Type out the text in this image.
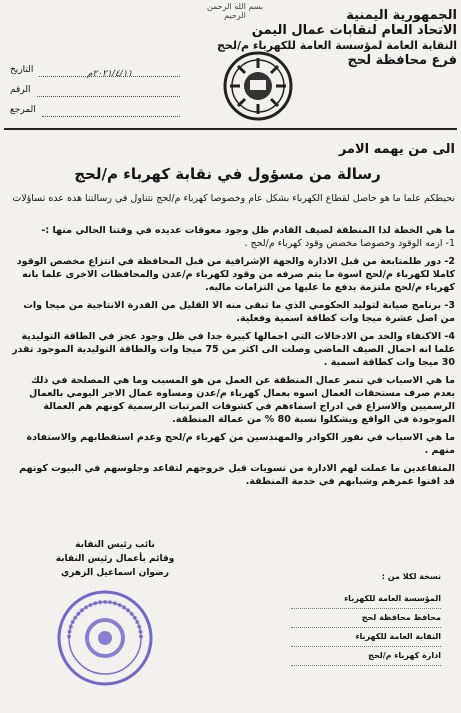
بسم الله الرحمن الرحيم	الجمهورية اليمنية
الاتحاد العام لنقابات عمال اليمن
النقابة العامة لمؤسسة العامة للكهرباء م/لحج
فرع محافظة لحج
التاريخ	٢٠٢١/٤/١١م
الرقم
المرجع
الى من يهمه الامر
رسالة من مسؤول في نقابة كهرباء م/لحج
نحيطكم علما ما هو حاصل لقطاع الكهرباء بشكل عام وخصوصا كهرباء م/لحج نتناول في رسالتنا هذه عده تساؤلات
ما هي الخطة لذا المنطقة لصيف القادم ظل وجود معوقات عديده في وقتنا الحالي منها :-
1- ازمه الوقود وخصوصا مخصص وقود كهرباء م/لحج .
2- دور طلمتابعة من قبل الادارة والجهة الإشرافية من قبل المحافظة في انتزاع مخصص الوقود كاملا لكهرباء م/لحج اسوة ما يتم صرفه من وقود لكهرباء م/عدن والمحافظات الاخرى علما بانه كهرباء م/لحج ملتزمة بدفع ما عليها من التزامات ماليه.
3- برنامج صيانة لتوليد الحكومي الذي ما تبقى منه الا القليل من القدرة الانتاجية من ميجا وات من اصل عشرة ميجا وات كطاقة اسمية وفعلية.
4- الاكتفاء والحد من الادخالات التي احمالها كبيرة جدا في ظل وجود عجز في الطاقة التوليدية علما انه احمال الصيف الماضي وصلت الى اكثر من 75 ميجا وات والطاقة التوليدية الموجود تقدر 30 ميجا وات كطاقة اسمية .
ما هي الاسباب في تنمر عمال المنطقة عن العمل من هو المسبب وما هي المصلحة في ذلك بعدم صرف مستحقات العمال اسوه بعمال كهرباء م/عدن ومساوه عمال الاجر اليومي بالعمال الرسميين والاسراع في ادراج اسماءهم في كشوفات المرتبات الرسمية كونهم هم العمالة الموجودة في الواقع ويشكلوا نسبة 80 % من عمالة المنطقة.
ما هي الاسباب في نفور الكوادر والمهندسين من كهرباء م/لحج وعدم استقطابهم والاستفادة منهم .
المتقاعدين ما عملت لهم الادارة من تسويات قبل خروجهم لتقاعد وجلوسهم في البيوت كونهم قد افنوا عمرهم وشبابهم في خدمة المنطقة.
نائب رئيس النقابة
وقائم بأعمال رئيس النقابة
رضوان اسماعيل الزهري	نسخة لكلا من :
المؤسسة العامة للكهرباء
محافظ محافظة لحج
النقابة العامة للكهرباء
ادارة كهرباء م/لحج
